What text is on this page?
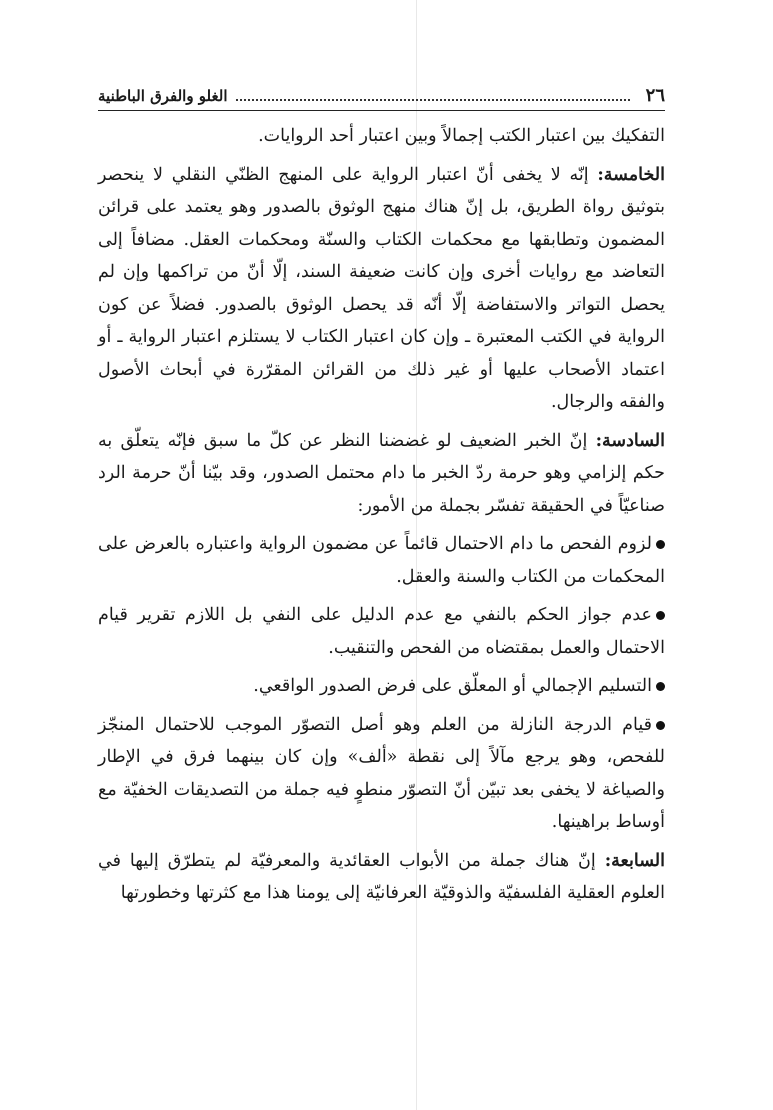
٢٦
الغلو والفرق الباطنية

التفكيك بين اعتبار الكتب إجمالاً وبين اعتبار أحد الروايات.

الخامسة: إنّه لا يخفى أنّ اعتبار الرواية على المنهج الظنّي النقلي لا ينحصر بتوثيق رواة الطريق، بل إنّ هناك منهج الوثوق بالصدور وهو يعتمد على قرائن المضمون وتطابقها مع محكمات الكتاب والسنّة ومحكمات العقل. مضافاً إلى التعاضد مع روايات أخرى وإن كانت ضعيفة السند، إلّا أنّ من تراكمها وإن لم يحصل التواتر والاستفاضة إلّا أنّه قد يحصل الوثوق بالصدور. فضلاً عن كون الرواية في الكتب المعتبرة ـ وإن كان اعتبار الكتاب لا يستلزم اعتبار الرواية ـ أو اعتماد الأصحاب عليها أو غير ذلك من القرائن المقرّرة في أبحاث الأصول والفقه والرجال.

السادسة: إنّ الخبر الضعيف لو غضضنا النظر عن كلّ ما سبق فإنّه يتعلّق به حكم إلزامي وهو حرمة ردّ الخبر ما دام محتمل الصدور، وقد بيّنا أنّ حرمة الرد صناعيّاً في الحقيقة تفسّر بجملة من الأمور:

لزوم الفحص ما دام الاحتمال قائماً عن مضمون الرواية واعتباره بالعرض على المحكمات من الكتاب والسنة والعقل.

عدم جواز الحكم بالنفي مع عدم الدليل على النفي بل اللازم تقرير قيام الاحتمال والعمل بمقتضاه من الفحص والتنقيب.

التسليم الإجمالي أو المعلّق على فرض الصدور الواقعي.

قيام الدرجة النازلة من العلم وهو أصل التصوّر الموجب للاحتمال المنجّز للفحص، وهو يرجع مآلاً إلى نقطة «ألف» وإن كان بينهما فرق في الإطار والصياغة لا يخفى بعد تبيّن أنّ التصوّر منطوٍ فيه جملة من التصديقات الخفيّة مع أوساط براهينها.

السابعة: إنّ هناك جملة من الأبواب العقائدية والمعرفيّة لم يتطرّق إليها في العلوم العقلية الفلسفيّة والذوقيّة العرفانيّة إلى يومنا هذا مع كثرتها وخطورتها
